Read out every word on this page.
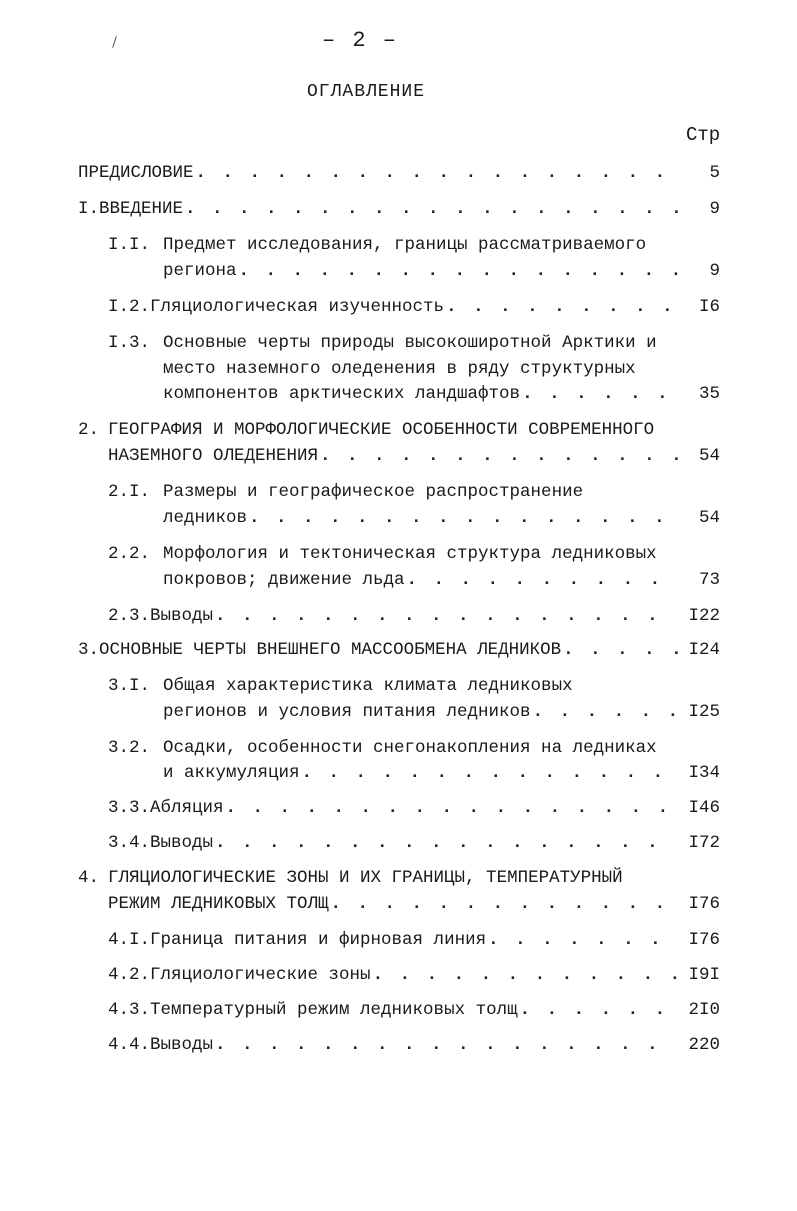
– 2 –
ОГЛАВЛЕНИЕ
Стр
ПРЕДИСЛОВИЕ . . .	5
I. ВВЕДЕНИЕ . . .	9
I.I. Предмет исследования, границы рассматриваемого
региона . . .	9
I.2. Гляциологическая изученность . . .	I6
I.3. Основные черты природы высокоширотной Арктики и
место наземного оледенения в ряду структурных
компонентов арктических ландшафтов . . .	35
2. ГЕОГРАФИЯ И МОРФОЛОГИЧЕСКИЕ ОСОБЕННОСТИ СОВРЕМЕННОГО
НАЗЕМНОГО ОЛЕДЕНЕНИЯ . . .	54
2.I. Размеры и географическое распространение
ледников . . .	54
2.2. Морфология и тектоническая структура ледниковых
покровов; движение льда . . .	73
2.3. Выводы . . .	I22
3. ОСНОВНЫЕ ЧЕРТЫ ВНЕШНЕГО МАССООБМЕНА ЛЕДНИКОВ . . .	I24
3.I. Общая характеристика климата ледниковых
регионов и условия питания ледников . . .	I25
3.2. Осадки, особенности снегонакопления на ледниках
и аккумуляция . . .	I34
3.3. Абляция . . .	I46
3.4. Выводы . . .	I72
4. ГЛЯЦИОЛОГИЧЕСКИЕ ЗОНЫ И ИХ ГРАНИЦЫ, ТЕМПЕРАТУРНЫЙ
РЕЖИМ ЛЕДНИКОВЫХ ТОЛЩ . . .	I76
4.I. Граница питания и фирновая линия . . .	I76
4.2. Гляциологические зоны . . .	I9I
4.3. Температурный режим ледниковых толщ . . .	2I0
4.4. Выводы . . .	220
